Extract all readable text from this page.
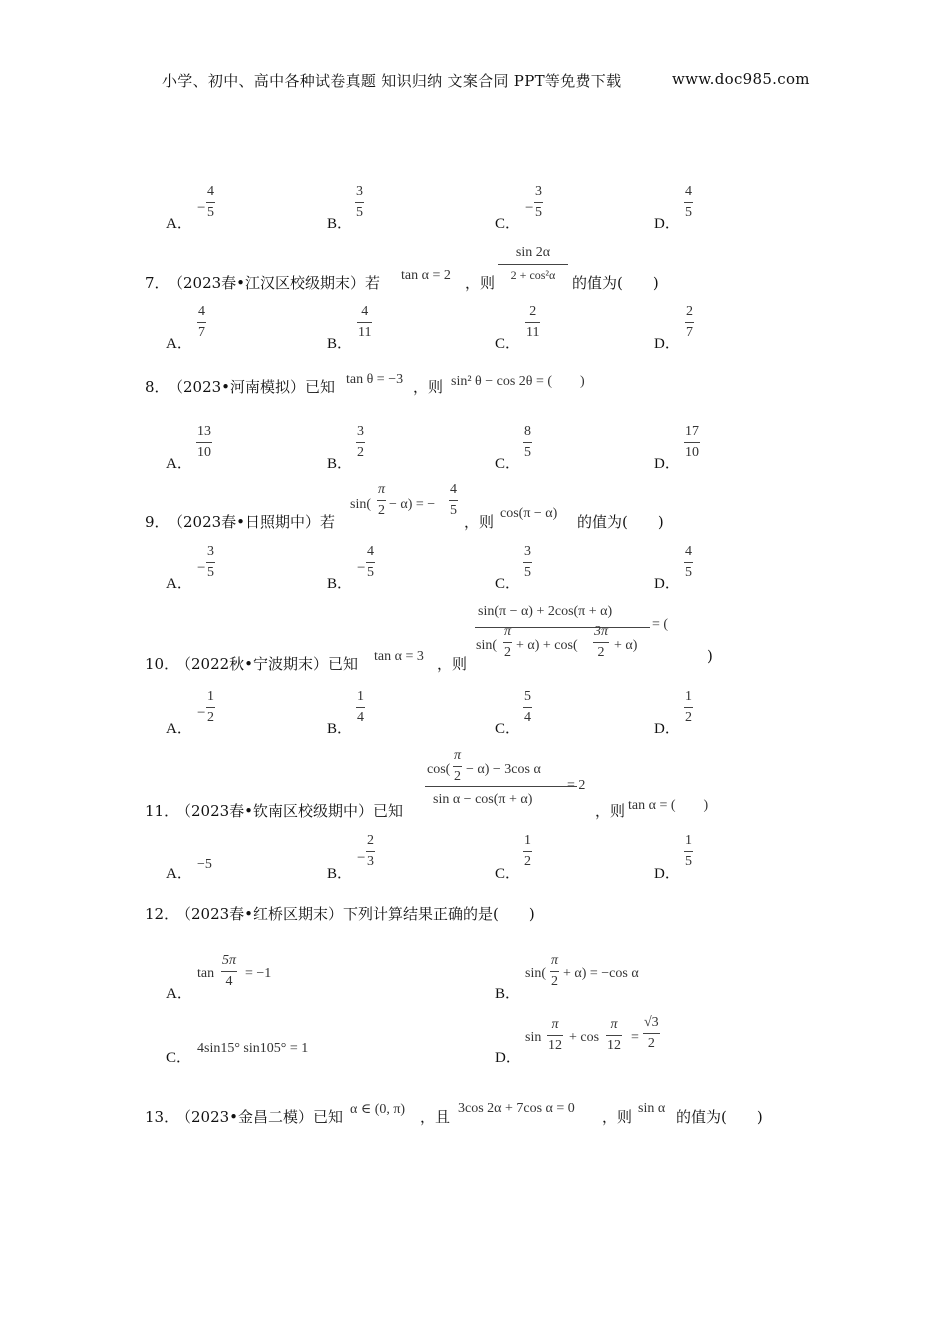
小学、初中、高中各种试卷真题 知识归纳 文案合同 PPT等免费下载	www.doc985.com
A．
−
4
5
B．
3
5
C．
−
3
5
D．
4
5
7．
（2023春•江汉区校级期末）若 tan α = 2 ，则
sin 2α
2 + cos²α	的值为(　　)
A．
4
7
B．
4
11
C．
2
11
D．
2
7
8．
（2023•河南模拟）已知 tan θ = −3 ，则 sin² θ − cos 2θ = (　　)
A．
13
10
B．
3
2
C．
8
5
D．
17
10
9．
（2023春•日照期中）若
sin(
π
2 − α) = −
4
5
，则 cos(π − α) 的值为(　　)
A．
−
3
5
B．
−
4
5
C．
3
5
D．
4
5
10．
（2022秋•宁波期末）已知 tan α = 3 ，则
sin(π − α) + 2cos(π + α)
sin(
π
2 + α) + cos(
3π
2 + α)
= (
)
A．
−
1
2
B．
1
4
C．
5
4
D．
1
2
11．
（2023春•钦南区校级期中）已知
cos(
π
2 − α) − 3cos α
sin α − cos(π + α)
= 2
，则 tan α = (　　)
A．
−5
B．
−
2
3
C．
1
2
D．
1
5
12．
（2023春•红桥区期末）下列计算结果正确的是(　　)
A．
tan
5π
4
= −1
B．
sin(
π
2
+ α) = −cos α
C．
4sin15° sin105° = 1
D．
sin
π
12
+ cos
π
12
=
√3
2
13．
（2023•金昌二模）已知 α ∈ (0, π) ，且 3cos 2α + 7cos α = 0 ，则 sin α 的值为(　　)
